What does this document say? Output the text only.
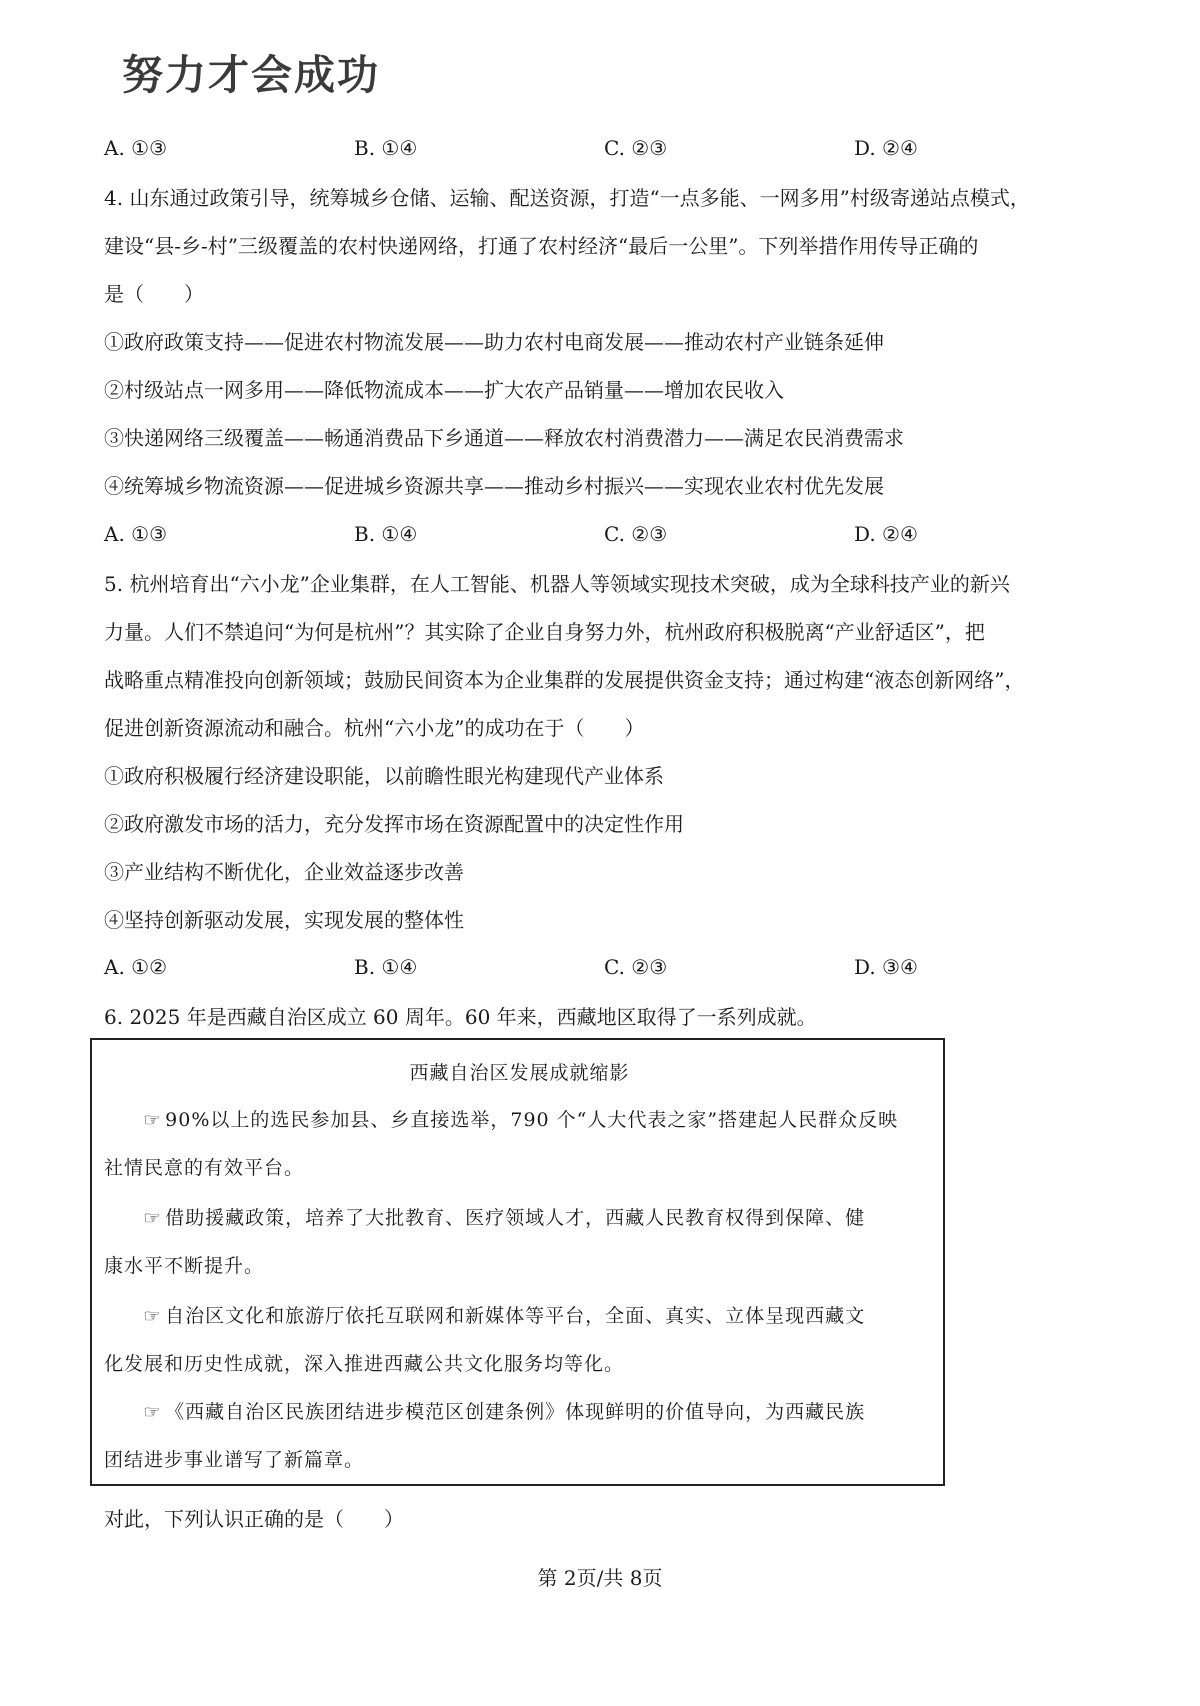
努力才会成功
A. ①③	B. ①④	C. ②③	D. ②④
4. 山东通过政策引导，统筹城乡仓储、运输、配送资源，打造“一点多能、一网多用”村级寄递站点模式，
建设“县-乡-村”三级覆盖的农村快递网络，打通了农村经济“最后一公里”。下列举措作用传导正确的
是（　　）
①政府政策支持——促进农村物流发展——助力农村电商发展——推动农村产业链条延伸
②村级站点一网多用——降低物流成本——扩大农产品销量——增加农民收入
③快递网络三级覆盖——畅通消费品下乡通道——释放农村消费潜力——满足农民消费需求
④统筹城乡物流资源——促进城乡资源共享——推动乡村振兴——实现农业农村优先发展
A. ①③	B. ①④	C. ②③	D. ②④
5. 杭州培育出“六小龙”企业集群，在人工智能、机器人等领域实现技术突破，成为全球科技产业的新兴
力量。人们不禁追问“为何是杭州”？其实除了企业自身努力外，杭州政府积极脱离“产业舒适区”，把
战略重点精准投向创新领域；鼓励民间资本为企业集群的发展提供资金支持；通过构建“液态创新网络”，
促进创新资源流动和融合。杭州“六小龙”的成功在于（　　）
①政府积极履行经济建设职能，以前瞻性眼光构建现代产业体系
②政府激发市场的活力，充分发挥市场在资源配置中的决定性作用
③产业结构不断优化，企业效益逐步改善
④坚持创新驱动发展，实现发展的整体性
A. ①②	B. ①④	C. ②③	D. ③④
6. 2025 年是西藏自治区成立 60 周年。60 年来，西藏地区取得了一系列成就。
西藏自治区发展成就缩影
☞ 90%以上的选民参加县、乡直接选举，790 个“人大代表之家”搭建起人民群众反映
社情民意的有效平台。
☞ 借助援藏政策，培养了大批教育、医疗领域人才，西藏人民教育权得到保障、健
康水平不断提升。
☞ 自治区文化和旅游厅依托互联网和新媒体等平台，全面、真实、立体呈现西藏文
化发展和历史性成就，深入推进西藏公共文化服务均等化。
☞ 《西藏自治区民族团结进步模范区创建条例》体现鲜明的价值导向，为西藏民族
团结进步事业谱写了新篇章。
对此，下列认识正确的是（　　）
第 2页/共 8页
